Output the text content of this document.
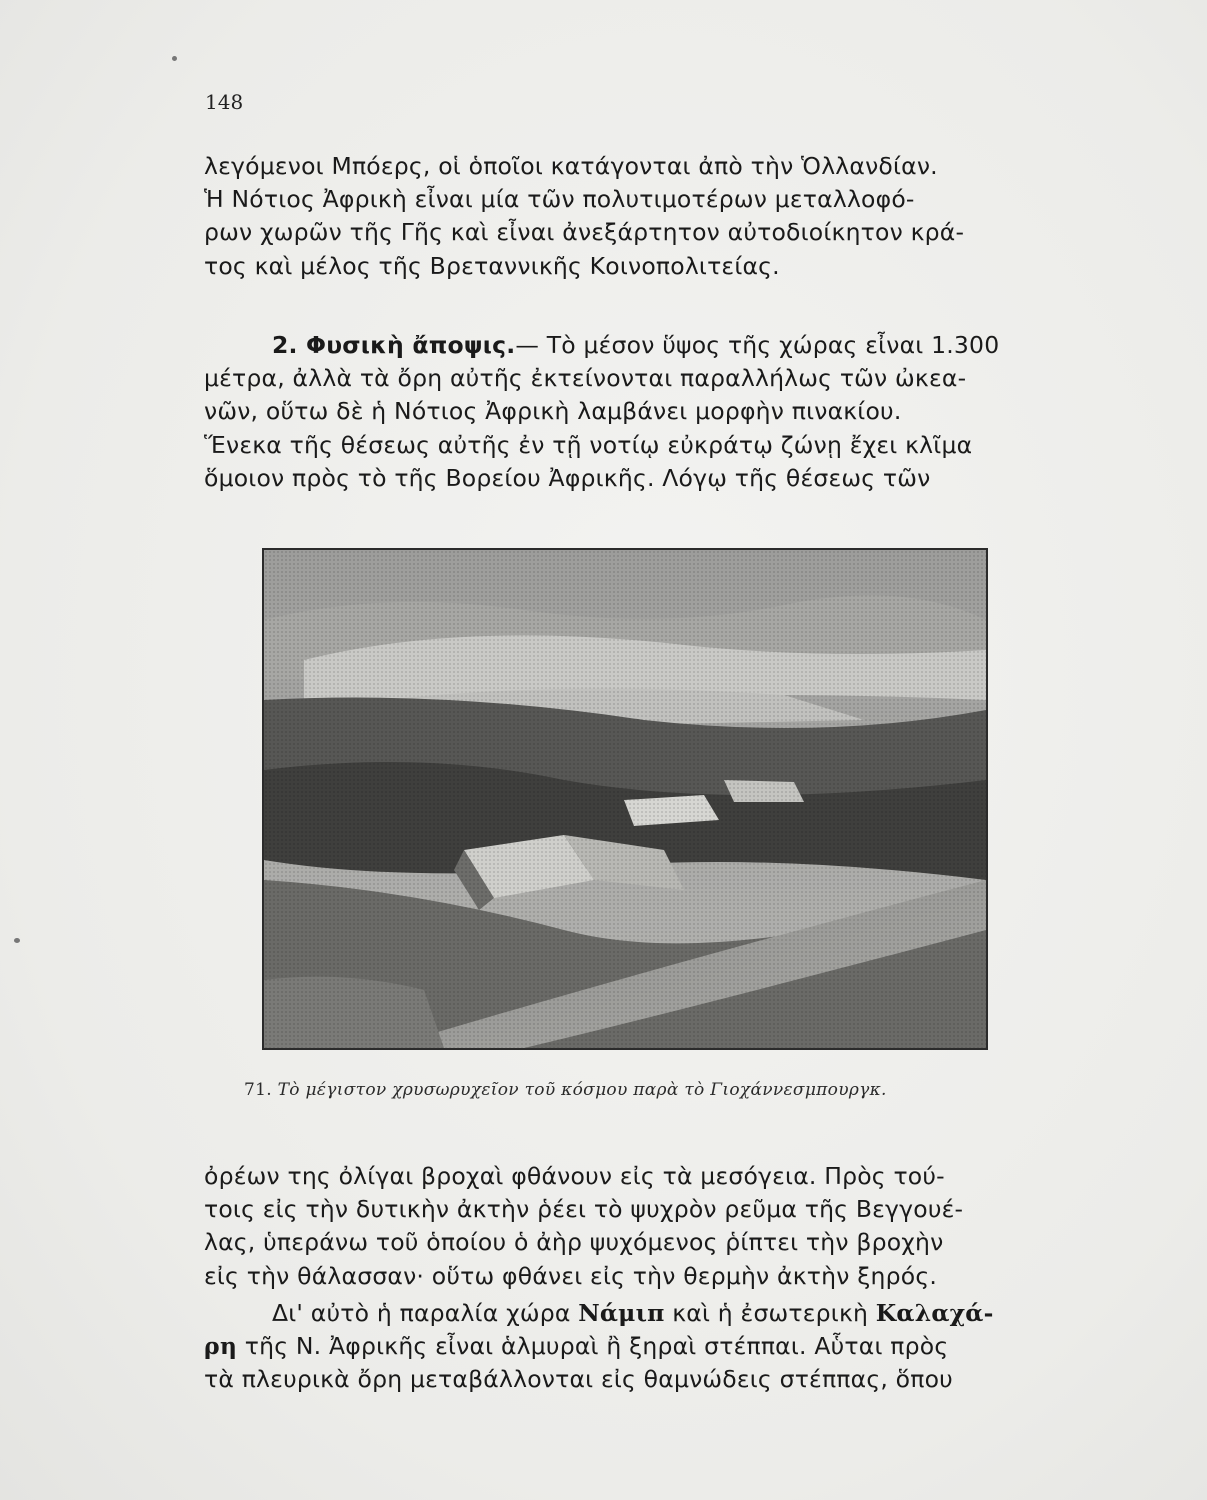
148

λεγόμενοι Μπόερς, οἱ ὁποῖοι κατάγονται ἀπὸ τὴν Ὁλλανδίαν.

Ἡ Νότιος Ἀφρικὴ εἶναι μία τῶν πολυτιμοτέρων μεταλλοφό-

ρων χωρῶν τῆς Γῆς καὶ εἶναι ἀνεξάρτητον αὐτοδιοίκητον κρά-

τος καὶ μέλος τῆς Βρεταννικῆς Κοινοπολιτείας.

2. Φυσικὴ ἄποψις.— Τὸ μέσον ὕψος τῆς χώρας εἶναι 1.300

μέτρα, ἀλλὰ τὰ ὄρη αὐτῆς ἐκτείνονται παραλλήλως τῶν ὠκεα-

νῶν, οὕτω δὲ ἡ Νότιος Ἀφρικὴ λαμβάνει μορφὴν πινακίου.

Ἕνεκα τῆς θέσεως αὐτῆς ἐν τῇ νοτίῳ εὐκράτῳ ζώνῃ ἔχει κλῖμα

ὅμοιον πρὸς τὸ τῆς Βορείου Ἀφρικῆς. Λόγῳ τῆς θέσεως τῶν

71. Τὸ μέγιστον χρυσωρυχεῖον τοῦ κόσμου παρὰ τὸ Γιοχάννεσμπουργκ.

ὀρέων της ὀλίγαι βροχαὶ φθάνουν εἰς τὰ μεσόγεια. Πρὸς τού-

τοις εἰς τὴν δυτικὴν ἀκτὴν ῥέει τὸ ψυχρὸν ρεῦμα τῆς Βεγγουέ-

λας, ὑπεράνω τοῦ ὁποίου ὁ ἀὴρ ψυχόμενος ῥίπτει τὴν βροχὴν

εἰς τὴν θάλασσαν· οὕτω φθάνει εἰς τὴν θερμὴν ἀκτὴν ξηρός.

Δι' αὐτὸ ἡ παραλία χώρα Νάμιπ καὶ ἡ ἐσωτερικὴ Καλαχά-

ρη τῆς Ν. Ἀφρικῆς εἶναι ἁλμυραὶ ἢ ξηραὶ στέππαι. Αὗται πρὸς

τὰ πλευρικὰ ὄρη μεταβάλλονται εἰς θαμνώδεις στέππας, ὅπου
